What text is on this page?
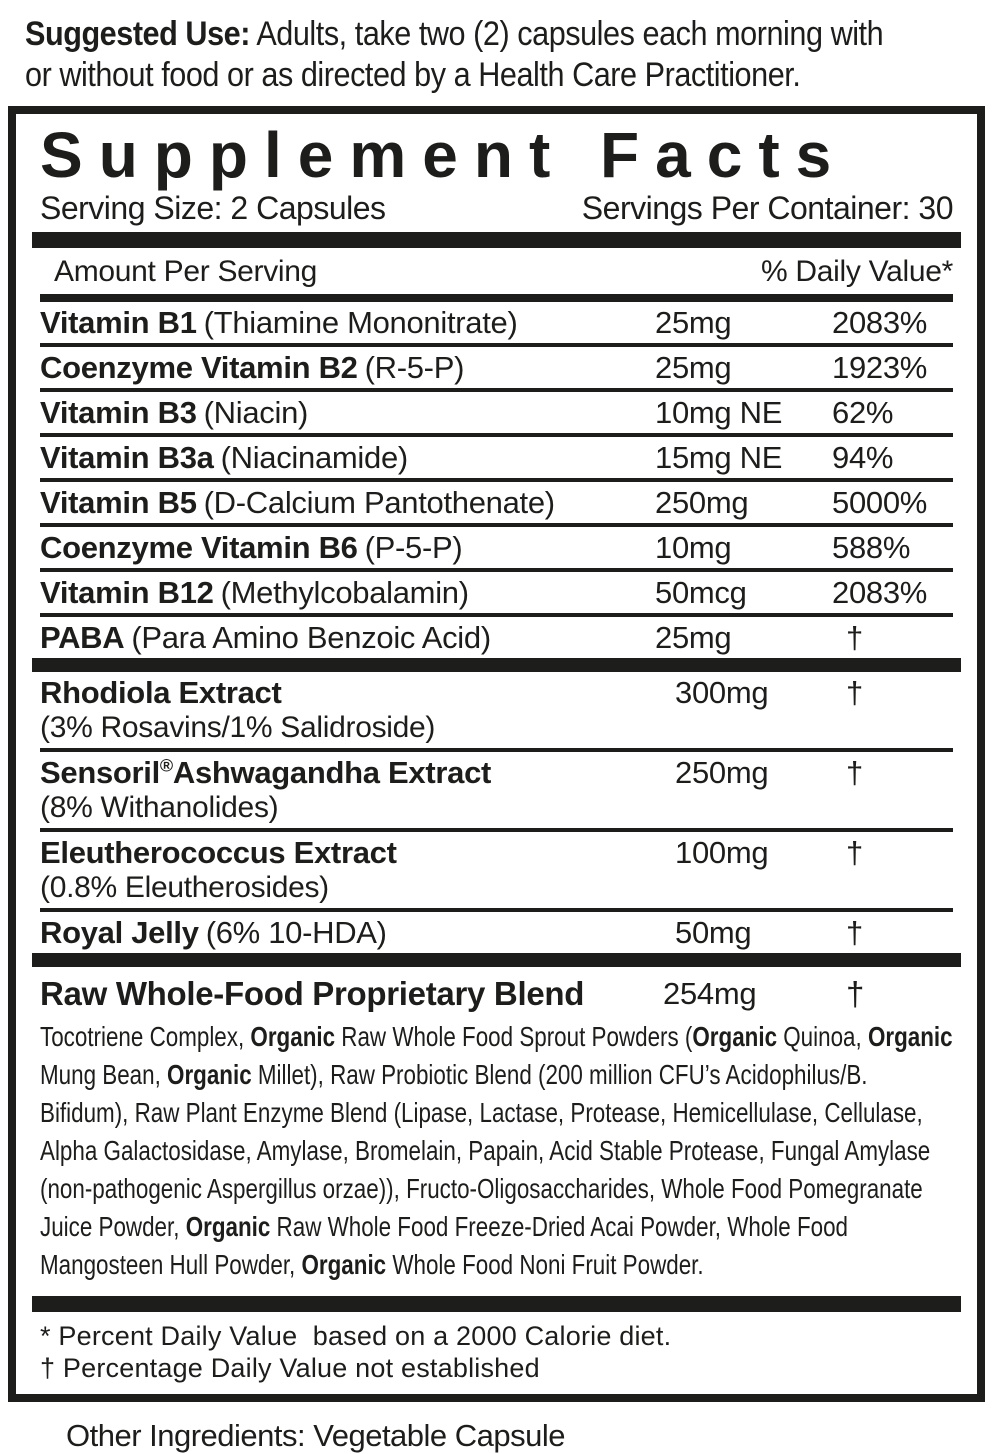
Suggested Use: Adults, take two (2) capsules each morning with or without food or as directed by a Health Care Practitioner.
Supplement Facts
Serving Size: 2 Capsules	Servings Per Container: 30
Amount Per Serving	% Daily Value*
Vitamin B1 (Thiamine Mononitrate)	25mg	2083%
Coenzyme Vitamin B2 (R-5-P)	25mg	1923%
Vitamin B3 (Niacin)	10mg NE	62%
Vitamin B3a (Niacinamide)	15mg NE	94%
Vitamin B5 (D-Calcium Pantothenate)	250mg	5000%
Coenzyme Vitamin B6 (P-5-P)	10mg	588%
Vitamin B12 (Methylcobalamin)	50mcg	2083%
PABA (Para Amino Benzoic Acid)	25mg	†
Rhodiola Extract
(3% Rosavins/1% Salidroside)
300mg	†
Sensoril®Ashwagandha Extract
(8% Withanolides)
250mg	†
Eleutherococcus Extract
(0.8% Eleutherosides)
100mg	†
Royal Jelly (6% 10-HDA)	50mg	†
Raw Whole-Food Proprietary Blend	254mg	†
Tocotriene Complex, Organic Raw Whole Food Sprout Powders (Organic Quinoa, Organic Mung Bean, Organic Millet), Raw Probiotic Blend (200 million CFU’s Acidophilus/B. Bifidum), Raw Plant Enzyme Blend (Lipase, Lactase, Protease, Hemicellulase, Cellulase, Alpha Galactosidase, Amylase, Bromelain, Papain, Acid Stable Protease, Fungal Amylase (non-pathogenic Aspergillus orzae)), Fructo-Oligosaccharides, Whole Food Pomegranate Juice Powder, Organic Raw Whole Food Freeze-Dried Acai Powder, Whole Food Mangosteen Hull Powder, Organic Whole Food Noni Fruit Powder.
* Percent Daily Value  based on a 2000 Calorie diet.
† Percentage Daily Value not established
Other Ingredients: Vegetable Capsule
